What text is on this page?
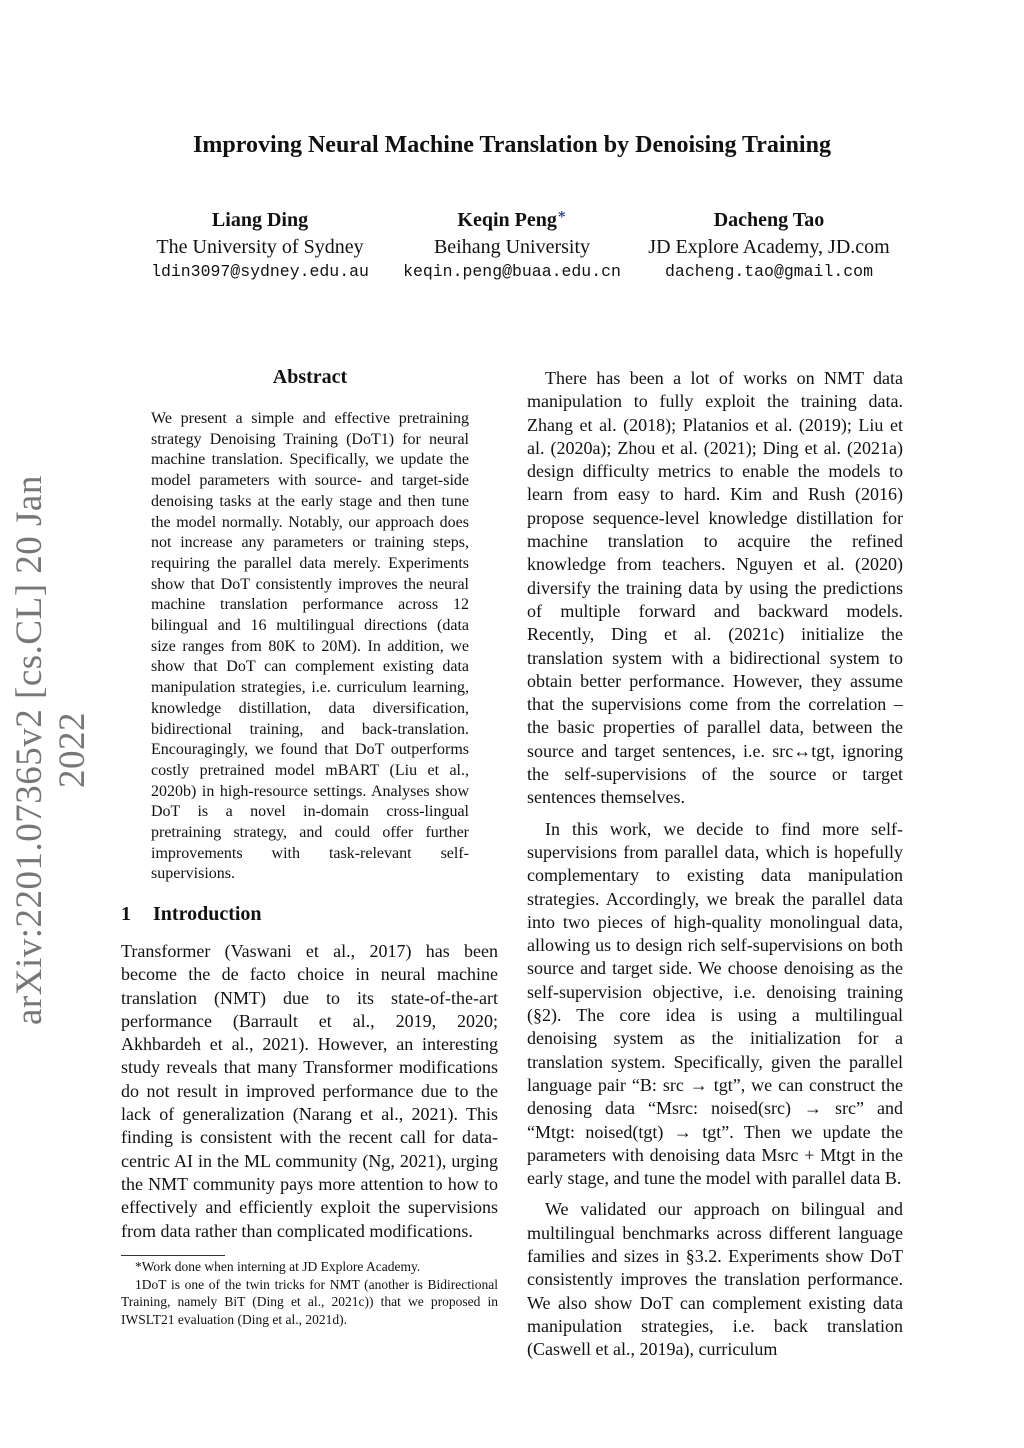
Improving Neural Machine Translation by Denoising Training
Liang Ding
The University of Sydney
ldin3097@sydney.edu.au
Keqin Peng∗
Beihang University
keqin.peng@buaa.edu.cn
Dacheng Tao
JD Explore Academy, JD.com
dacheng.tao@gmail.com
arXiv:2201.07365v2 [cs.CL] 20 Jan 2022
Abstract
We present a simple and effective pretraining strategy Denoising Training (DoT1) for neural machine translation. Specifically, we update the model parameters with source- and target-side denoising tasks at the early stage and then tune the model normally. Notably, our approach does not increase any parameters or training steps, requiring the parallel data merely. Experiments show that DoT consistently improves the neural machine translation performance across 12 bilingual and 16 multilingual directions (data size ranges from 80K to 20M). In addition, we show that DoT can complement existing data manipulation strategies, i.e. curriculum learning, knowledge distillation, data diversification, bidirectional training, and back-translation. Encouragingly, we found that DoT outperforms costly pretrained model mBART (Liu et al., 2020b) in high-resource settings. Analyses show DoT is a novel in-domain cross-lingual pretraining strategy, and could offer further improvements with task-relevant self-supervisions.
1 Introduction
Transformer (Vaswani et al., 2017) has been become the de facto choice in neural machine translation (NMT) due to its state-of-the-art performance (Barrault et al., 2019, 2020; Akhbardeh et al., 2021). However, an interesting study reveals that many Transformer modifications do not result in improved performance due to the lack of generalization (Narang et al., 2021). This finding is consistent with the recent call for data-centric AI in the ML community (Ng, 2021), urging the NMT community pays more attention to how to effectively and efficiently exploit the supervisions from data rather than complicated modifications.

*Work done when interning at JD Explore Academy.

1DoT is one of the twin tricks for NMT (another is Bidirectional Training, namely BiT (Ding et al., 2021c)) that we proposed in IWSLT21 evaluation (Ding et al., 2021d).

There has been a lot of works on NMT data manipulation to fully exploit the training data. Zhang et al. (2018); Platanios et al. (2019); Liu et al. (2020a); Zhou et al. (2021); Ding et al. (2021a) design difficulty metrics to enable the models to learn from easy to hard. Kim and Rush (2016) propose sequence-level knowledge distillation for machine translation to acquire the refined knowledge from teachers. Nguyen et al. (2020) diversify the training data by using the predictions of multiple forward and backward models. Recently, Ding et al. (2021c) initialize the translation system with a bidirectional system to obtain better performance. However, they assume that the supervisions come from the correlation – the basic properties of parallel data, between the source and target sentences, i.e. src↔tgt, ignoring the self-supervisions of the source or target sentences themselves.

In this work, we decide to find more self-supervisions from parallel data, which is hopefully complementary to existing data manipulation strategies. Accordingly, we break the parallel data into two pieces of high-quality monolingual data, allowing us to design rich self-supervisions on both source and target side. We choose denoising as the self-supervision objective, i.e. denoising training (§2). The core idea is using a multilingual denoising system as the initialization for a translation system. Specifically, given the parallel language pair “B: src → tgt”, we can construct the denosing data “Msrc: noised(src) → src” and “Mtgt: noised(tgt) → tgt”. Then we update the parameters with denoising data Msrc + Mtgt in the early stage, and tune the model with parallel data B.

We validated our approach on bilingual and multilingual benchmarks across different language families and sizes in §3.2. Experiments show DoT consistently improves the translation performance. We also show DoT can complement existing data manipulation strategies, i.e. back translation (Caswell et al., 2019a), curriculum
